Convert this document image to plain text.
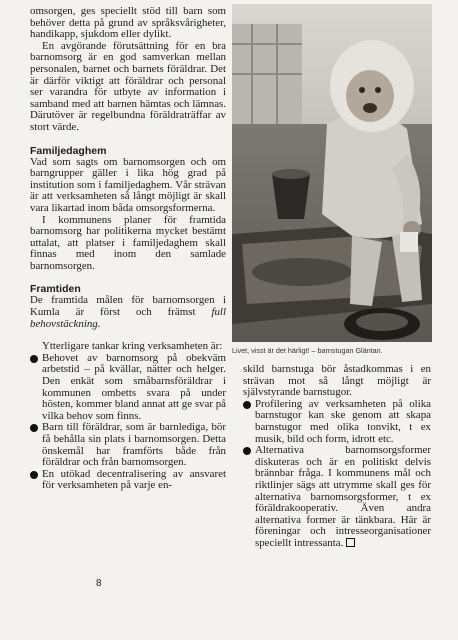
omsorgen, ges speciellt stöd till barn som behöver detta på grund av språksvårigheter, handikapp, sjukdom eller dylikt.

En avgörande förutsättning för en bra barnomsorg är en god samverkan mellan personalen, barnet och barnets föräldrar. Det är därför viktigt att föräldrar och personal ser varandra för utbyte av information i samband med att barnen hämtas och lämnas. Därutöver är regelbundna föräldraträffar av stort värde.

Familjedaghem

Vad som sagts om barnomsorgen och om barngrupper gäller i lika hög grad på institution som i familjedaghem. Vår strävan är att verksamheten så långt möjligt är skall vara likartad inom båda omsorgsformerna.

I kommunens planer för framtida barnomsorg har politikerna mycket bestämt uttalat, att platser i familjedaghem skall finnas med inom den samlade barnomsorgen.

Framtiden

De framtida målen för barnomsorgen i Kumla är först och främst full behovstäckning.

Ytterligare tankar kring verksamheten är:

Behovet av barnomsorg på obekväm arbetstid – på kvällar, nätter och helger. Den enkät som småbarnsföräldrar i kommunen ombetts svara på under hösten, kommer bland annat att ge svar på vilka behov som finns.
Barn till föräldrar, som är barnlediga, bör få behålla sin plats i barnomsorgen. Detta önskemål har framförts både från föräldrar och från barnomsorgen.
En utökad decentralisering av ansvaret för verksamheten på varje en-
Livet, visst är det härligt! – barnstugan Gläntan.

skild barnstuga bör åstadkommas i en strävan mot så långt möjligt är självstyrande barnstugor.

Profilering av verksamheten på olika barnstugor kan ske genom att skapa barnstugor med olika tonvikt, t ex musik, bild och form, idrott etc.
Alternativa barnomsorgsformer diskuteras och är en politiskt delvis brännbar fråga. I kommunens mål och riktlinjer sägs att utrymme skall ges för alternativa barnomsorgsformer, t ex föräldrakooperativ. Även andra alternativa former är tänkbara. Här är föreningar och intresseorganisationer speciellt intressanta.
8
